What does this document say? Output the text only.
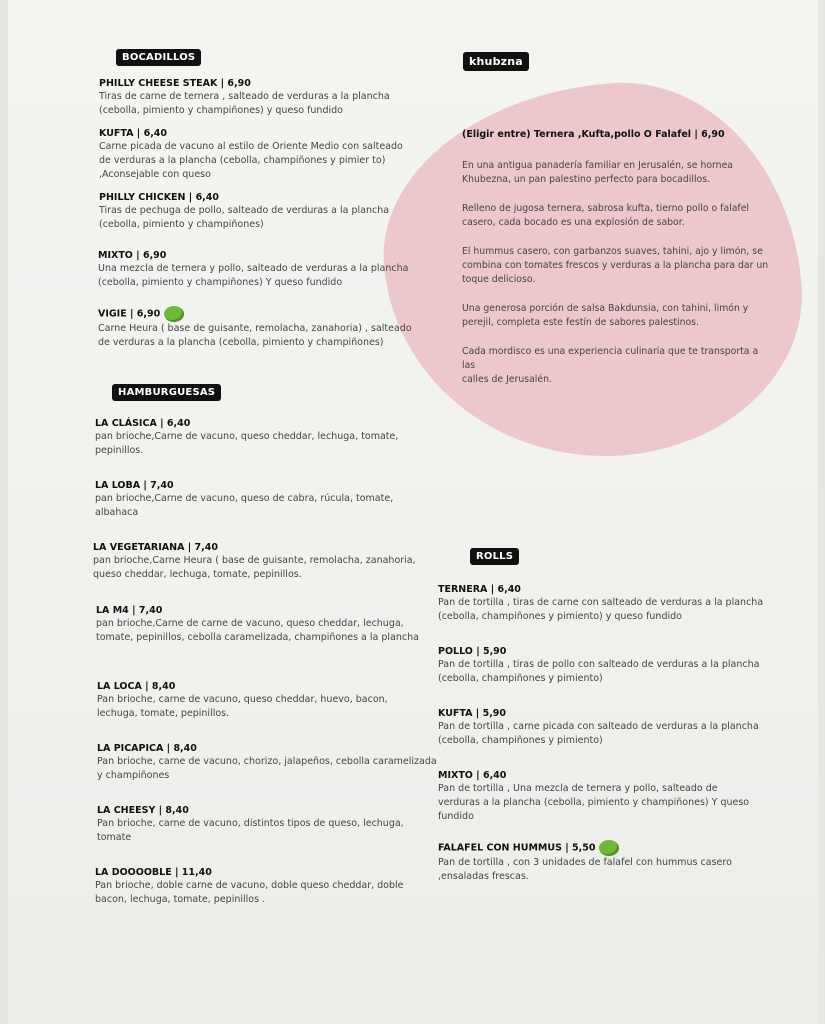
BOCADILLOS
PHILLY CHEESE STEAK | 6,90
Tiras de carne de ternera , salteado de verduras a la plancha
(cebolla, pimiento y champiñones) y queso fundido
KUFTA | 6,40
Carne picada de vacuno al estilo de Oriente Medio con salteado
de verduras a la plancha (cebolla, champiñones y pimier to)
,Aconsejable con queso
PHILLY CHICKEN | 6,40
Tiras de pechuga de pollo, salteado de verduras a la plancha
(cebolla, pimiento y champiñones)
MIXTO | 6,90
Una mezcla de ternera y pollo, salteado de verduras a la plancha
(cebolla, pimiento y champiñones) Y queso fundido
VIGIE | 6,90
Carne Heura ( base de guisante, remolacha, zanahoria) , salteado
de verduras a la plancha (cebolla, pimiento y champiñones)
HAMBURGUESAS
LA CLÁSICA | 6,40
pan brioche,Carne de vacuno, queso cheddar, lechuga, tomate,
pepinillos.
LA LOBA | 7,40
pan brioche,Carne de vacuno, queso de cabra, rúcula, tomate,
albahaca
LA VEGETARIANA | 7,40
pan brioche,Carne Heura ( base de guisante, remolacha, zanahoria,
queso cheddar, lechuga, tomate, pepinillos.
LA M4 | 7,40
pan brioche,Carne de carne de vacuno, queso cheddar, lechuga,
tomate, pepinillos, cebolla caramelizada, champiñones a la plancha
LA LOCA | 8,40
Pan brioche, carne de vacuno, queso cheddar, huevo, bacon,
lechuga, tomate, pepinillos.
LA PICAPICA | 8,40
Pan brioche, carne de vacuno, chorizo, jalapeños, cebolla caramelizada
y champiñones
LA CHEESY | 8,40
Pan brioche, carne de vacuno, distintos tipos de queso, lechuga,
tomate
LA DOOOOBLE | 11,40
Pan brioche, doble carne de vacuno, doble queso cheddar, doble
bacon, lechuga, tomate, pepinillos .
khubzna
(Eligir entre) Ternera ,Kufta,pollo O Falafel | 6,90
En una antigua panadería familiar en Jerusalén, se hornea
Khubezna, un pan palestino perfecto para bocadillos.
Relleno de jugosa ternera, sabrosa kufta, tierno pollo o falafel
casero, cada bocado es una explosión de sabor.
El hummus casero, con garbanzos suaves, tahini, ajo y limón, se
combina con tomates frescos y verduras a la plancha para dar un
toque delicioso.
Una generosa porción de salsa Bakdunsia, con tahini, limón y
perejil, completa este festín de sabores palestinos.
Cada mordisco es una experiencia culinaria que te transporta a las
calles de Jerusalén.
ROLLS
TERNERA | 6,40
Pan de tortilla , tiras de carne con salteado de verduras a la plancha
(cebolla, champiñones y pimiento) y queso fundido
POLLO | 5,90
Pan de tortilla , tiras de pollo con salteado de verduras a la plancha
(cebolla, champiñones y pimiento)
KUFTA | 5,90
Pan de tortilla , carne picada con salteado de verduras a la plancha
(cebolla, champiñones y pimiento)
MIXTO | 6,40
Pan de tortilla , Una mezcla de ternera y pollo, salteado de
verduras a la plancha (cebolla, pimiento y champiñones) Y queso
fundido
FALAFEL CON HUMMUS | 5,50
Pan de tortilla , con 3 unidades de falafel con hummus casero
,ensaladas frescas.
